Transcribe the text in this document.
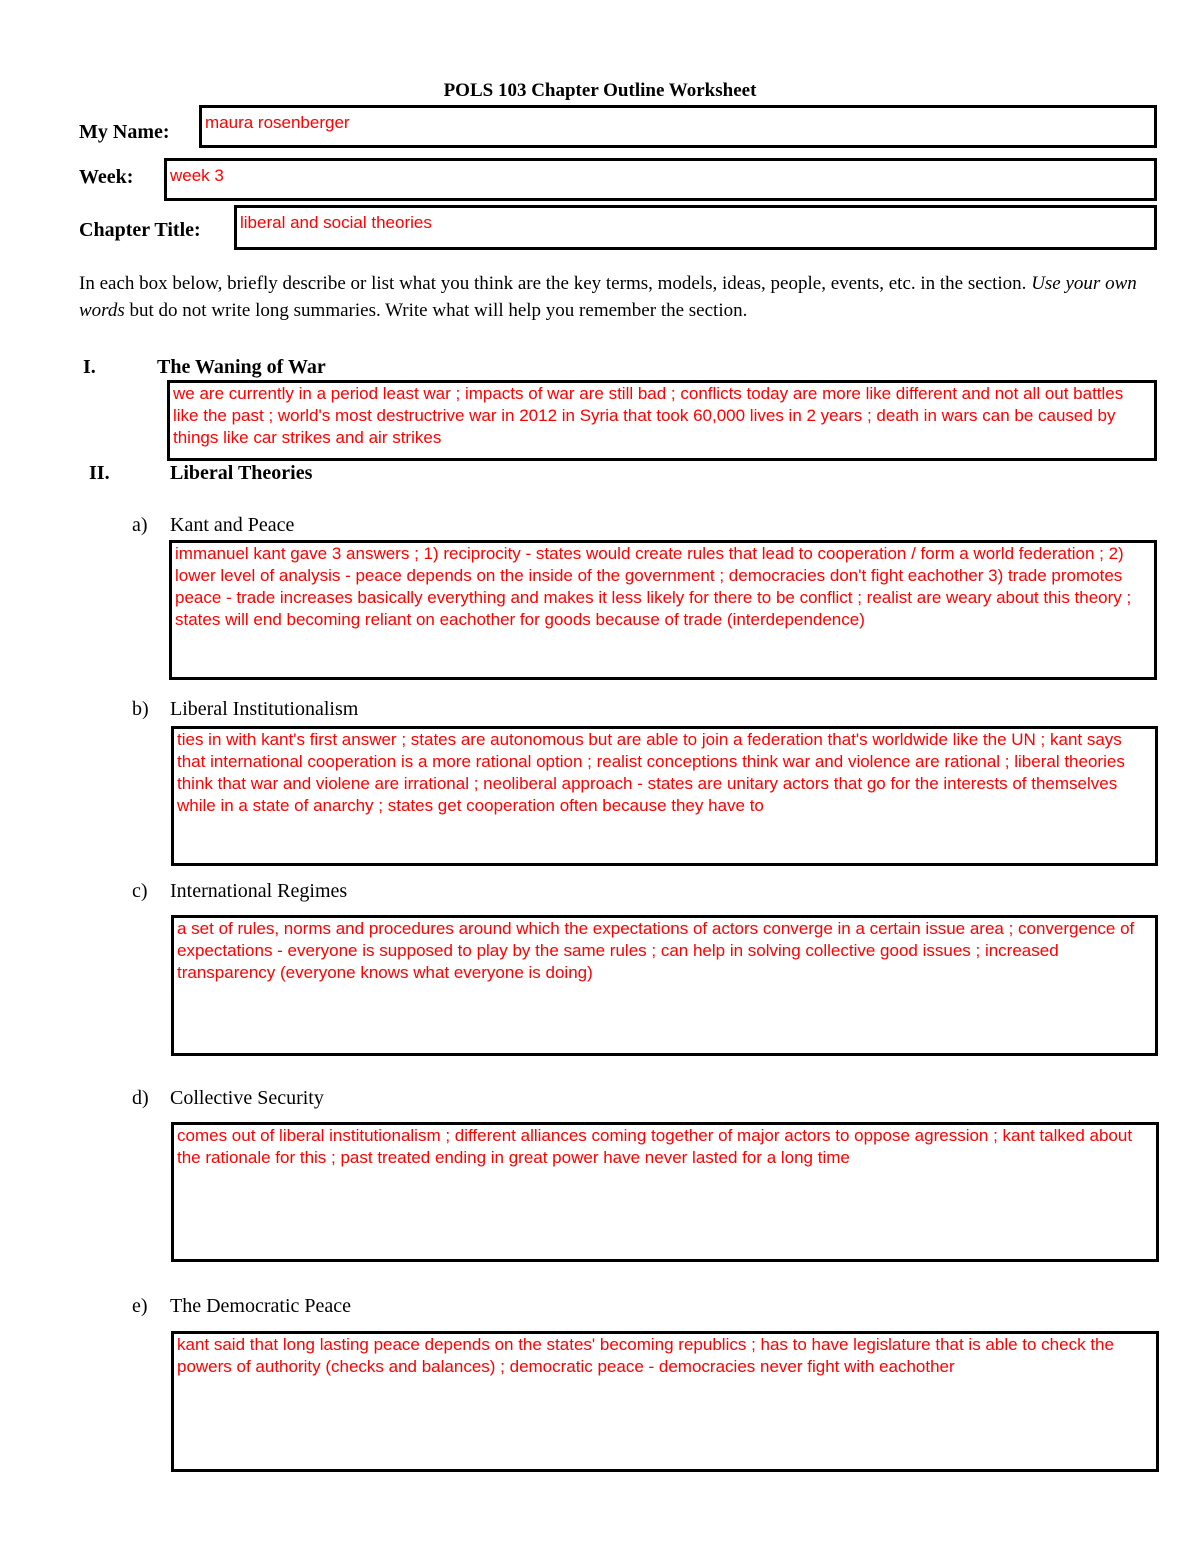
POLS 103 Chapter Outline Worksheet
My Name:	maura rosenberger
Week:	week 3
Chapter Title:	liberal and social theories
In each box below, briefly describe or list what you think are the key terms, models, ideas, people, events, etc. in the section. Use your own words but do not write long summaries. Write what will help you remember the section.
I.	The Waning of War
we are currently in a period least war ; impacts of war are still bad ; conflicts today are more like different and not all out battles like the past ; world's most destructrive war in 2012 in Syria that took 60,000 lives in 2 years ; death in wars can be caused by things like car strikes and air strikes
II.	Liberal Theories
a) Kant and Peace
immanuel kant gave 3 answers ; 1) reciprocity - states would create rules that lead to cooperation / form a world federation ; 2) lower level of analysis - peace depends on the inside of the government ; democracies don't fight eachother 3) trade promotes peace - trade increases basically everything and makes it less likely for there to be conflict ; realist are weary about this theory ; states will end becoming reliant on eachother for goods because of trade (interdependence)
b) Liberal Institutionalism
ties in with kant's first answer ; states are autonomous but are able to join a federation that's worldwide like the UN ; kant says that international cooperation is a more rational option ; realist conceptions think war and violence are rational ; liberal theories think that war and violene are irrational ; neoliberal approach - states are unitary actors that go for the interests of themselves while in a state of anarchy ; states get cooperation often because they have to
c) International Regimes
a set of rules, norms and procedures around which the expectations of actors converge in a certain issue area ; convergence of expectations - everyone is supposed to play by the same rules ; can help in solving collective good issues ; increased transparency (everyone knows what everyone is doing)
d) Collective Security
comes out of liberal institutionalism ; different alliances coming together of major actors to oppose agression ; kant talked about the rationale for this ; past treated ending in great power have never lasted for a long time
e) The Democratic Peace
kant said that long lasting peace depends on the states' becoming republics ; has to have legislature that is able to check the powers of authority (checks and balances) ; democratic peace - democracies never fight with eachother
